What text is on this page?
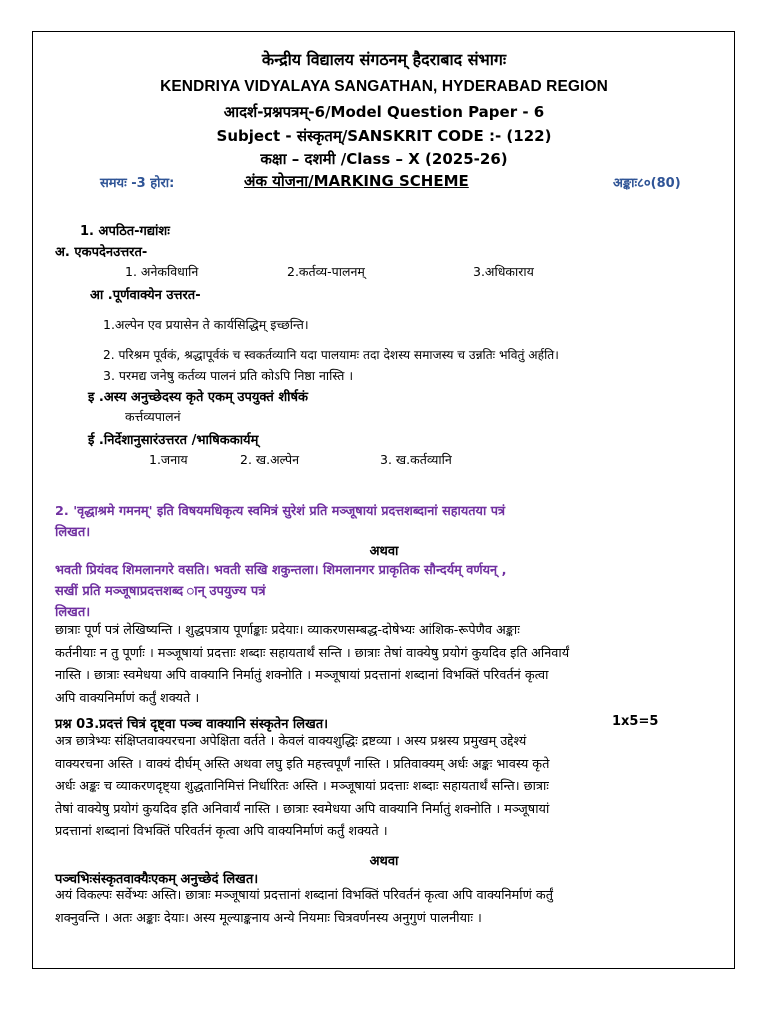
केन्द्रीय विद्यालय संगठनम् हैदराबाद संभागः
KENDRIYA VIDYALAYA SANGATHAN, HYDERABAD REGION
आदर्श-प्रश्नपत्रम्-6/Model Question Paper - 6
Subject - संस्कृतम्/SANSKRIT CODE :- (122)
कक्षा – दशमी /Class – X (2025-26)
समयः -3 होरा:	अंक योजना/MARKING SCHEME	अङ्काः८०(80)
1. अपठित-गद्यांशः
अ. एकपदेनउत्तरत-
1. अनेकविधानि	2.कर्तव्य-पालनम्	3.अधिकाराय
आ .पूर्णवाक्येन उत्तरत-
1.अल्पेन एव प्रयासेन ते कार्यसिद्धिम् इच्छन्ति।
2. परिश्रम पूर्वकं, श्रद्धापूर्वकं च स्वकर्तव्यानि यदा पालयामः तदा देशस्य समाजस्य च उन्नतिः भवितुं अर्हति।
3. परमद्य जनेषु कर्तव्य पालनं प्रति कोऽपि निष्ठा नास्ति ।
इ .अस्य अनुच्छेदस्य कृते एकम् उपयुक्तं शीर्षकं
कर्त्तव्यपालनं
ई .निर्देशानुसारंउत्तरत /भाषिककार्यम्
1.जनाय	2. ख.अल्पेन	3. ख.कर्तव्यानि
2. 'वृद्धाश्रमे गमनम्' इति विषयमधिकृत्य स्वमित्रं सुरेशं प्रति मञ्जूषायां प्रदत्तशब्दानां सहायतया पत्रं
लिखत।
अथवा
भवती प्रियंवद शिमलानगरे वसति। भवती सखि शकुन्तला। शिमलानगर प्राकृतिक सौन्दर्यम् वर्णयन् ,
सखीं प्रति मञ्जूषाप्रदत्तशब्द ान् उपयुज्य पत्रं
लिखत।
छात्राः पूर्ण पत्रं लेखिष्यन्ति । शुद्धपत्राय पूर्णाङ्काः प्रदेयाः। व्याकरणसम्बद्ध-दोषेभ्यः आंशिक-रूपेणैव अङ्काः
कर्तनीयाः न तु पूर्णाः । मञ्जूषायां प्रदत्ताः शब्दाः सहायतार्थं सन्ति । छात्राः तेषां वाक्येषु प्रयोगं कुयदिव इति अनिवार्यं
नास्ति । छात्राः स्वमेधया अपि वाक्यानि निर्मातुं शक्नोति । मञ्जूषायां प्रदत्तानां शब्दानां विभक्तिं परिवर्तनं कृत्वा
अपि वाक्यनिर्माणं कर्तुं शक्यते ।
प्रश्न 03.प्रदत्तं चित्रं दृष्ट्वा पञ्च वाक्यानि संस्कृतेन लिखत।	1x5=5
अत्र छात्रेभ्यः संक्षिप्तवाक्यरचना अपेक्षिता वर्तते । केवलं वाक्यशुद्धिः द्रष्टव्या । अस्य प्रश्नस्य प्रमुखम् उद्देश्यं
वाक्यरचना अस्ति । वाक्यं दीर्घम् अस्ति अथवा लघु इति महत्त्वपूर्णं नास्ति । प्रतिवाक्यम् अर्धः अङ्कः भावस्य कृते
अर्धः अङ्कः च व्याकरणदृष्ट्या शुद्धतानिमित्तं निर्धारितः अस्ति । मञ्जूषायां प्रदत्ताः शब्दाः सहायतार्थं सन्ति। छात्राः
तेषां वाक्येषु प्रयोगं कुयदिव इति अनिवार्यं नास्ति । छात्राः स्वमेधया अपि वाक्यानि निर्मातुं शक्नोति । मञ्जूषायां
प्रदत्तानां शब्दानां विभक्तिं परिवर्तनं कृत्वा अपि वाक्यनिर्माणं कर्तुं शक्यते ।
अथवा
पञ्चभिःसंस्कृतवाक्यैःएकम् अनुच्छेदं लिखत।
अयं विकल्पः सर्वेभ्यः अस्ति। छात्राः मञ्जूषायां प्रदत्तानां शब्दानां विभक्तिं परिवर्तनं कृत्वा अपि वाक्यनिर्माणं कर्तुं
शक्नुवन्ति । अतः अङ्काः देयाः। अस्य मूल्याङ्कनाय अन्ये नियमाः चित्रवर्णनस्य अनुगुणं पालनीयाः ।
